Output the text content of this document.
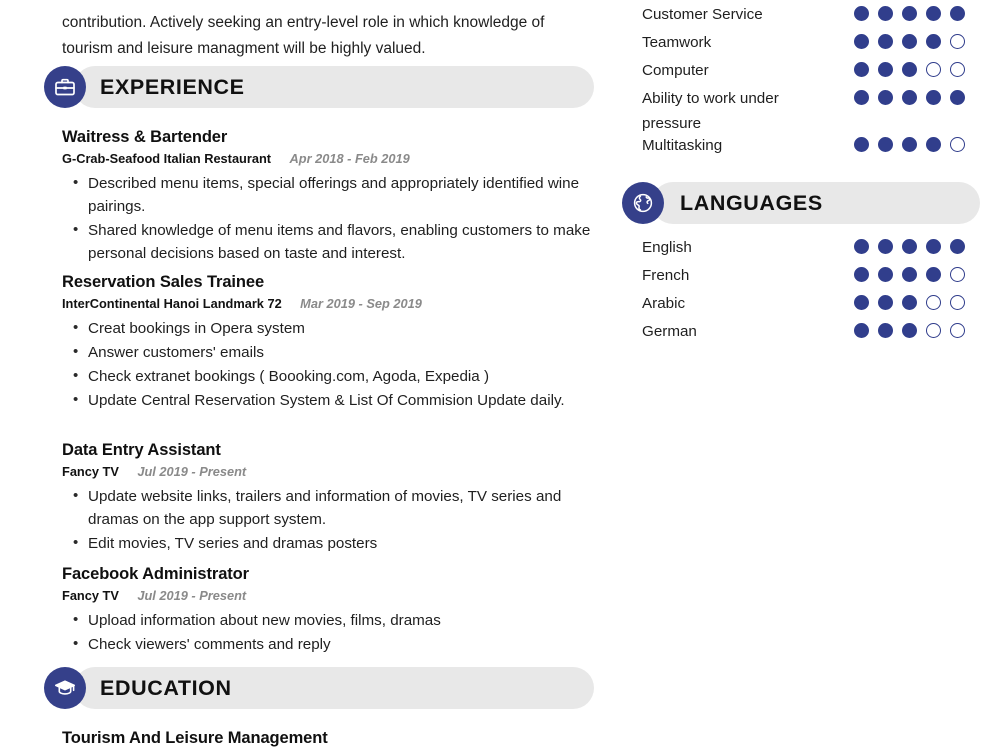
contribution. Actively seeking an entry-level role in which knowledge of tourism and leisure managment will be highly valued.

EXPERIENCE
Waitress & Bartender
G-Crab-Seafood Italian Restaurant Apr 2018 - Feb 2019
• Described menu items, special offerings and appropriately identified wine pairings.
• Shared knowledge of menu items and flavors, enabling customers to make personal decisions based on taste and interest.
Reservation Sales Trainee
InterContinental Hanoi Landmark 72 Mar 2019 - Sep 2019
• Creat bookings in Opera system
• Answer customers' emails
• Check extranet bookings ( Boooking.com, Agoda, Expedia )
• Update Central Reservation System & List Of Commision Update daily.
Data Entry Assistant
Fancy TV Jul 2019 - Present
• Update website links, trailers and information of movies, TV series and dramas on the app support system.
• Edit movies, TV series and dramas posters
Facebook Administrator
Fancy TV Jul 2019 - Present
• Upload information about new movies, films, dramas
• Check viewers' comments and reply
EDUCATION
Tourism And Leisure Management
Customer Service
Teamwork
Computer
Ability to work under pressure
Multitasking
LANGUAGES
English
French
Arabic
German
